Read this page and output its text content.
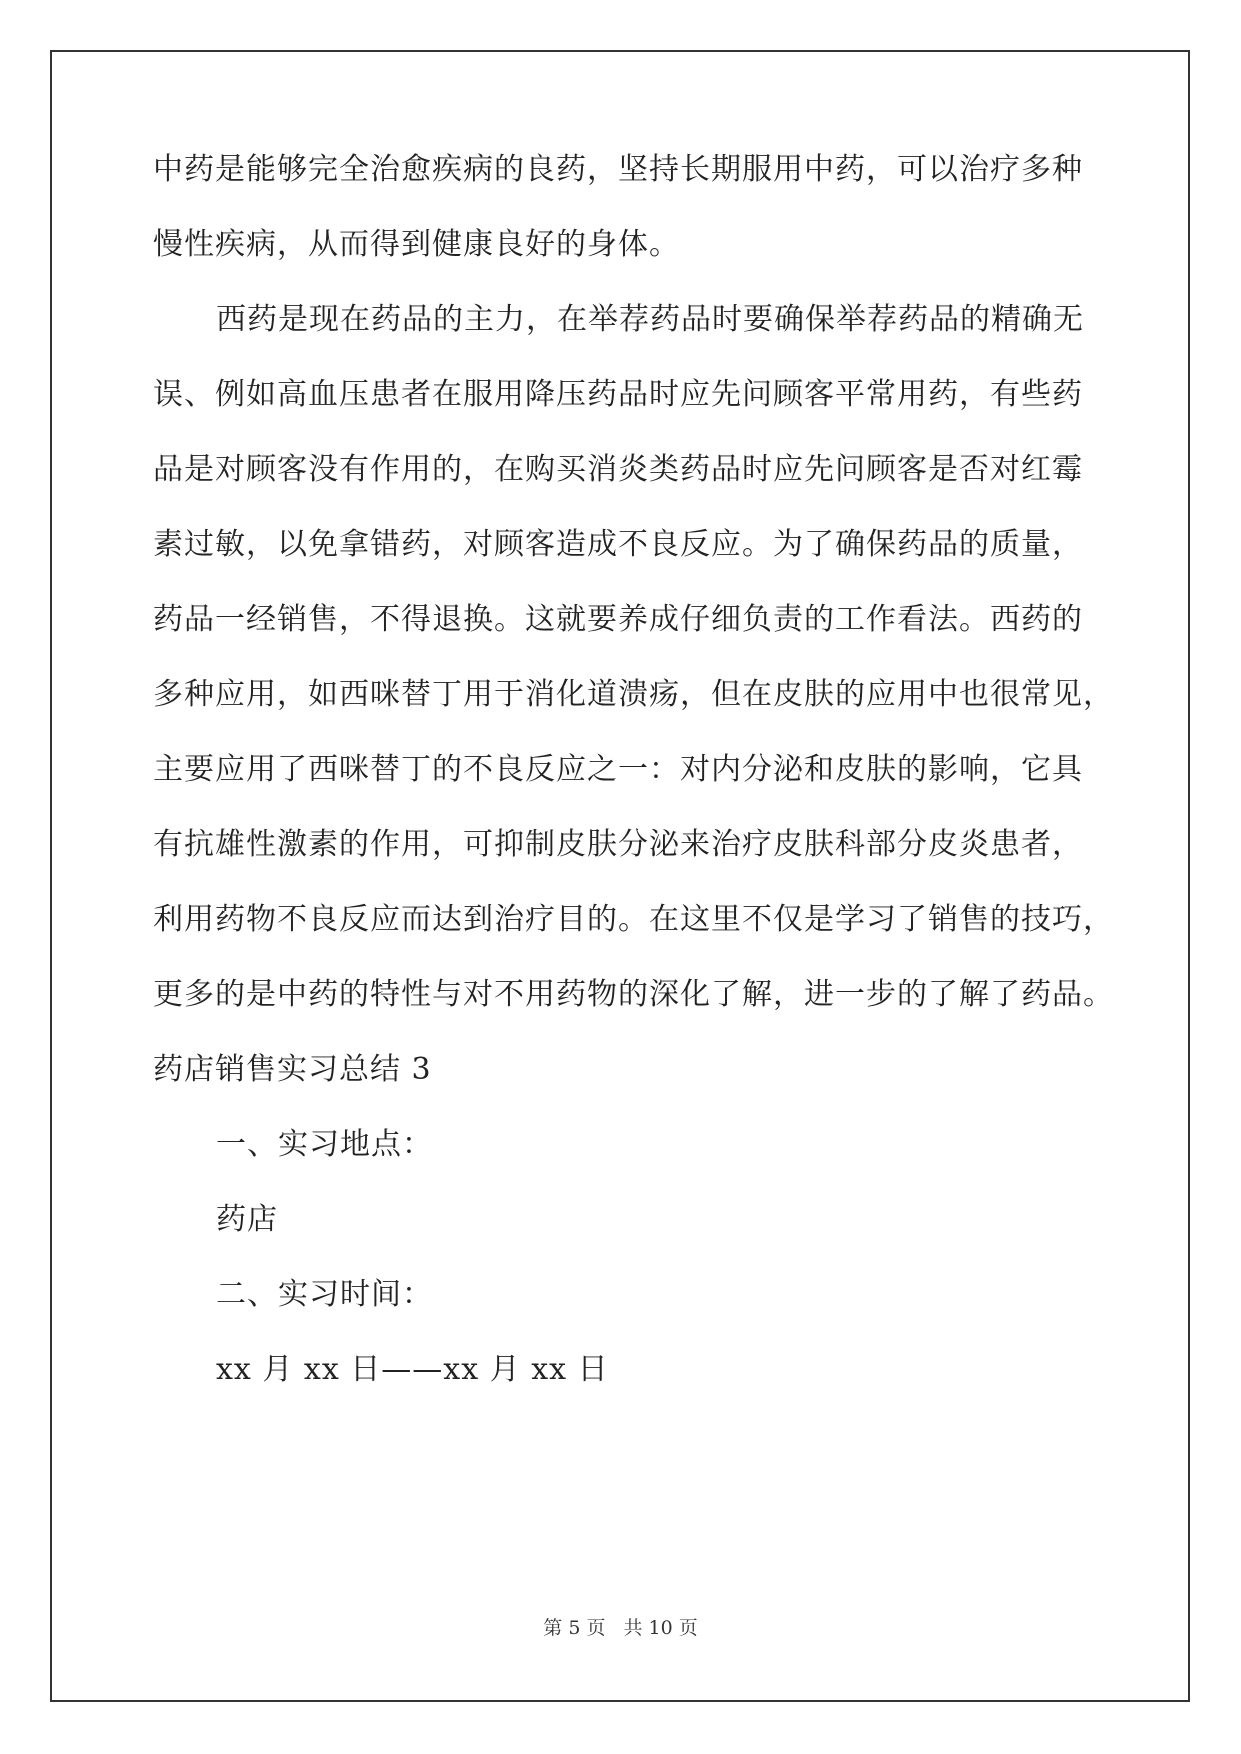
中药是能够完全治愈疾病的良药，坚持长期服用中药，可以治疗多种
慢性疾病，从而得到健康良好的身体。
西药是现在药品的主力，在举荐药品时要确保举荐药品的精确无
误、例如高血压患者在服用降压药品时应先问顾客平常用药，有些药
品是对顾客没有作用的，在购买消炎类药品时应先问顾客是否对红霉
素过敏，以免拿错药，对顾客造成不良反应。为了确保药品的质量，
药品一经销售，不得退换。这就要养成仔细负责的工作看法。西药的
多种应用，如西咪替丁用于消化道溃疡，但在皮肤的应用中也很常见，
主要应用了西咪替丁的不良反应之一：对内分泌和皮肤的影响，它具
有抗雄性激素的作用，可抑制皮肤分泌来治疗皮肤科部分皮炎患者，
利用药物不良反应而达到治疗目的。在这里不仅是学习了销售的技巧，
更多的是中药的特性与对不用药物的深化了解，进一步的了解了药品。
药店销售实习总结 3
一、实习地点：
药店
二、实习时间：
xx 月 xx 日——xx 月 xx 日
第 5 页 共 10 页
